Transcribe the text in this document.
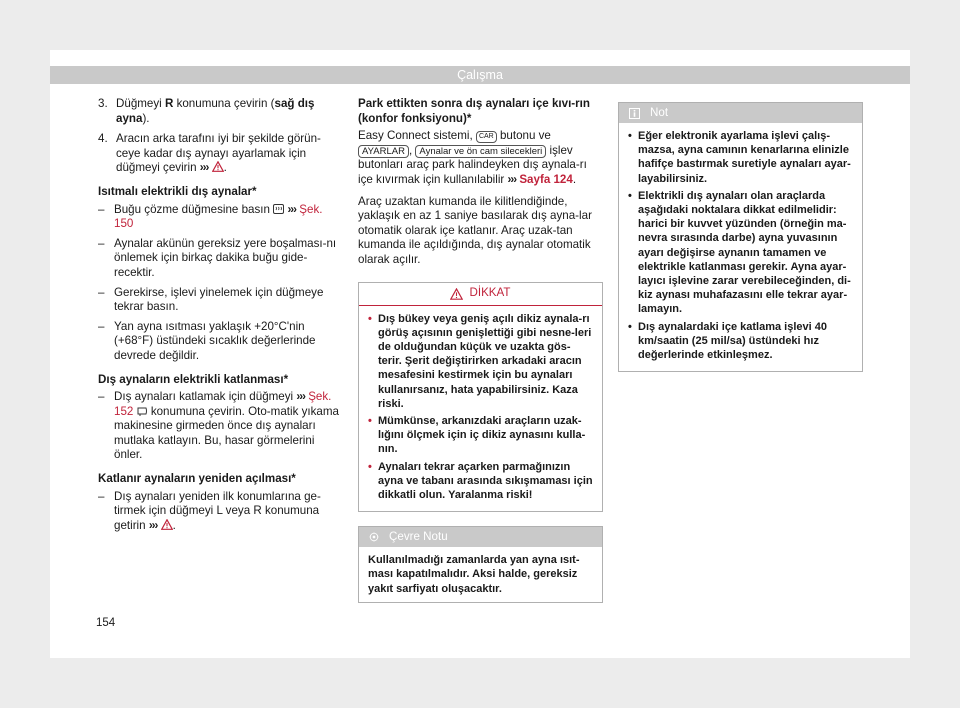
Çalışma
3. Düğmeyi R konumuna çevirin (sağ dış ayna).
4. Aracın arka tarafını iyi bir şekilde görün-ceye kadar dış aynayı ayarlamak için düğmeyi çevirin ››› .
Isıtmalı elektrikli dış aynalar*
– Buğu çözme düğmesine basın ››› Şek. 150
– Aynalar akünün gereksiz yere boşalması-nı önlemek için birkaç dakika buğu gide-recektir.
– Gerekirse, işlevi yinelemek için düğmeye tekrar basın.
– Yan ayna ısıtması yaklaşık +20°C'nin (+68°F) üstündeki sıcaklık değerlerinde devrede değildir.
Dış aynaların elektrikli katlanması*
– Dış aynaları katlamak için düğmeyi ››› Şek. 152 konumuna çevirin. Oto-matik yıkama makinesine girmeden önce dış aynaları mutlaka katlayın. Bu, hasar görmelerini önler.
Katlanır aynaların yeniden açılması*
– Dış aynaları yeniden ilk konumlarına ge-tirmek için düğmeyi L veya R konumuna getirin ››› .
Park ettikten sonra dış aynaları içe kıvı-rın (konfor fonksiyonu)*
Easy Connect sistemi, CAR butonu ve
AYARLAR , Aynalar ve ön cam silecekleri işlev butonları araç park halindeyken dış aynala-rı içe kıvırmak için kullanılabilir ››› Sayfa 124.
Araç uzaktan kumanda ile kilitlendiğinde, yaklaşık en az 1 saniye basılarak dış ayna-lar otomatik olarak içe katlanır. Araç uzak-tan kumanda ile açıldığında, dış aynalar otomatik olarak açılır.
DİKKAT
• Dış bükey veya geniş açılı dikiz aynala-rı görüş açısının genişlettiği gibi nesne-leri de olduğundan küçük ve uzakta gös-terir. Şerit değiştirirken arkadaki aracın mesafesini kestirmek için bu aynaları kullanırsanız, hata yapabilirsiniz. Kaza riski.
• Mümkünse, arkanızdaki araçların uzak-lığını ölçmek için iç dikiz aynasını kulla-nın.
• Aynaları tekrar açarken parmağınızın ayna ve tabanı arasında sıkışmaması için dikkatli olun. Yaralanma riski!
Çevre Notu
Kullanılmadığı zamanlarda yan ayna ısıt-ması kapatılmalıdır. Aksi halde, gereksiz yakıt sarfiyatı oluşacaktır.
Not
• Eğer elektronik ayarlama işlevi çalış-mazsa, ayna camının kenarlarına elinizle hafifçe bastırmak suretiyle aynaları ayar-layabilirsiniz.
• Elektrikli dış aynaları olan araçlarda aşağıdaki noktalara dikkat edilmelidir: harici bir kuvvet yüzünden (örneğin ma-nevra sırasında darbe) ayna yuvasının ayarı değişirse aynanın tamamen ve elektrikle katlanması gerekir. Ayna ayar-layıcı işlevine zarar verebileceğinden, di-kiz aynası muhafazasını elle tekrar ayar-lamayın.
• Dış aynalardaki içe katlama işlevi 40 km/saatin (25 mil/sa) üstündeki hız değerlerinde etkinleşmez.
154
